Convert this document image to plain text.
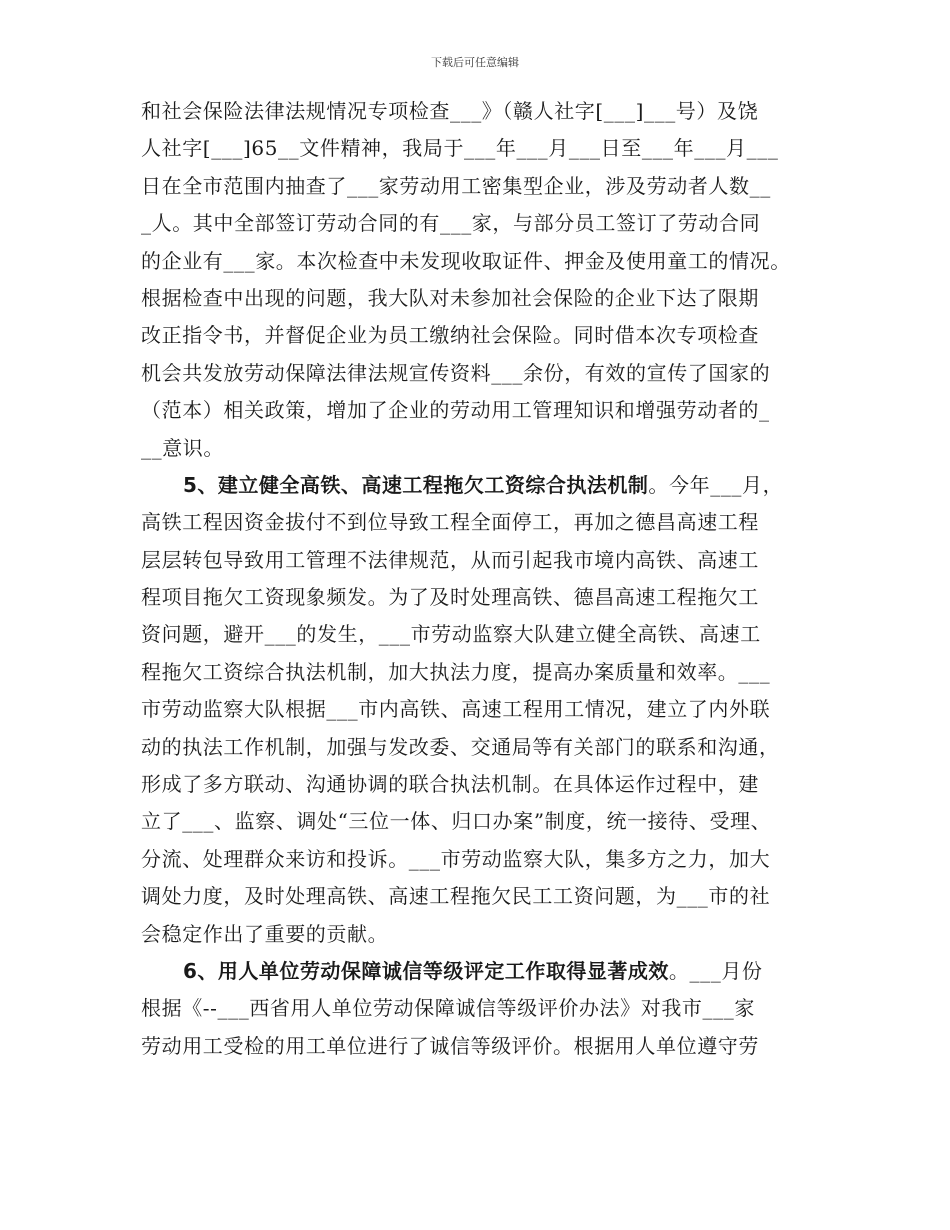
下载后可任意编辑
和社会保险法律法规情况专项检查___》（赣人社字[___]___号）及饶
人社字[___]65__文件精神，我局于___年___月___日至___年___月___
日在全市范围内抽查了___家劳动用工密集型企业，涉及劳动者人数__
_人。其中全部签订劳动合同的有___家，与部分员工签订了劳动合同
的企业有___家。本次检查中未发现收取证件、押金及使用童工的情况。
根据检查中出现的问题，我大队对未参加社会保险的企业下达了限期
改正指令书，并督促企业为员工缴纳社会保险。同时借本次专项检查
机会共发放劳动保障法律法规宣传资料___余份，有效的宣传了国家的
（范本）相关政策，增加了企业的劳动用工管理知识和增强劳动者的_
__意识。
5、建立健全高铁、高速工程拖欠工资综合执法机制。今年___月，
高铁工程因资金拔付不到位导致工程全面停工，再加之德昌高速工程
层层转包导致用工管理不法律规范，从而引起我市境内高铁、高速工
程项目拖欠工资现象频发。为了及时处理高铁、德昌高速工程拖欠工
资问题，避开___的发生，___市劳动监察大队建立健全高铁、高速工
程拖欠工资综合执法机制，加大执法力度，提高办案质量和效率。___
市劳动监察大队根据___市内高铁、高速工程用工情况，建立了内外联
动的执法工作机制，加强与发改委、交通局等有关部门的联系和沟通，
形成了多方联动、沟通协调的联合执法机制。在具体运作过程中，建
立了___、监察、调处“三位一体、归口办案”制度，统一接待、受理、
分流、处理群众来访和投诉。___市劳动监察大队，集多方之力，加大
调处力度，及时处理高铁、高速工程拖欠民工工资问题，为___市的社
会稳定作出了重要的贡献。
6、用人单位劳动保障诚信等级评定工作取得显著成效。___月份
根据《--___西省用人单位劳动保障诚信等级评价办法》对我市___家
劳动用工受检的用工单位进行了诚信等级评价。根据用人单位遵守劳
